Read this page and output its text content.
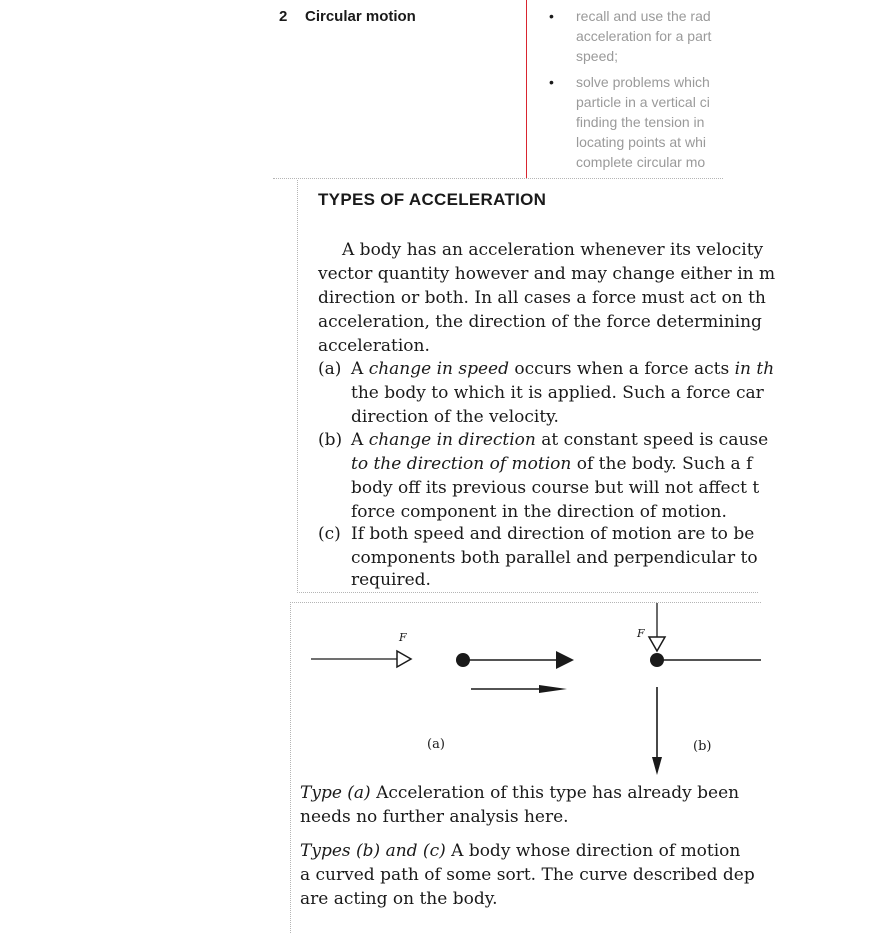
2 Circular motion	• recall and use the rad
acceleration for a part
speed;
• solve problems which
particle in a vertical ci
finding the tension in
locating points at whi
complete circular mo
TYPES OF ACCELERATION
A body has an acceleration whenever its velocity
vector quantity however and may change either in m
direction or both. In all cases a force must act on th
acceleration, the direction of the force determining
acceleration.
(a) A change in speed occurs when a force acts in th
the body to which it is applied. Such a force car
direction of the velocity.
(b) A change in direction at constant speed is cause
to the direction of motion of the body. Such a f
body off its previous course but will not affect t
force component in the direction of motion.
(c) If both speed and direction of motion are to be
components both parallel and perpendicular to
required.
F	F
(a)	(b)
Type (a) Acceleration of this type has already been
needs no further analysis here.
Types (b) and (c) A body whose direction of motion
a curved path of some sort. The curve described dep
are acting on the body.
